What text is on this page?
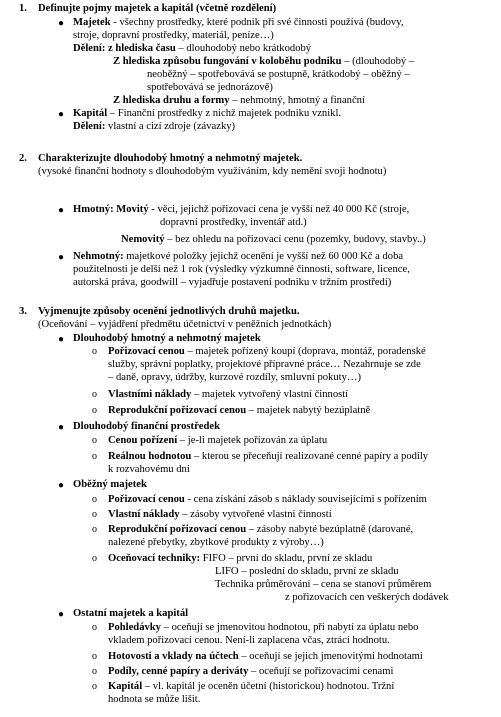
1. Definujte pojmy majetek a kapitál (včetně rozdělení)
● Majetek - všechny prostředky, které podnik při své činnosti používá (budovy,
stroje, dopravní prostředky, materiál, peníze…)
Dělení: z hlediska času – dlouhodobý nebo krátkodobý
Z hlediska způsobu fungování v koloběhu podniku – (dlouhodobý –
neoběžný – spotřebovává se postupně, krátkodobý – oběžný –
spotřebovává se jednorázově)
Z hlediska druhu a formy – nehmotný, hmotný a finanční
● Kapitál – Finanční prostředky z nichž majetek podniku vznikl.
Dělení: vlastní a cizí zdroje (závazky)
2. Charakterizujte dlouhodobý hmotný a nehmotný majetek.
(vysoké finanční hodnoty s dlouhodobým využíváním, kdy nemění svoji hodnotu)
● Hmotný: Movitý - věci, jejichž pořizovací cena je vyšší než 40 000 Kč (stroje,
dopravní prostředky, inventář atd.)
Nemovitý – bez ohledu na pořizovací cenu (pozemky, budovy, stavby..)
● Nehmotný: majetkové položky jejichž ocenění je vyšší než 60 000 Kč a doba
použitelnosti je delší než 1 rok (výsledky výzkumné činnosti, software, licence,
autorská práva, goodwill – vyjadřuje postavení podniku v tržním prostředí)
3. Vyjmenujte způsoby ocenění jednotlivých druhů majetku.
(Oceňování – vyjádření předmětu účetnictví v peněžních jednotkách)
● Dlouhodobý hmotný a nehmotný majetek
o Pořizovací cenou – majetek pořízený koupí (doprava, montáž, poradenské
služby, správní poplatky, projektové přípravné práce… Nezahrnuje se zde
– daně, opravy, údržby, kurzové rozdíly, smluvní pokuty…)
o Vlastními náklady – majetek vytvořený vlastní činností
o Reprodukční pořizovací cenou – majetek nabytý bezúplatně
● Dlouhodobý finanční prostředek
o Cenou pořízení – je-li majetek pořízován za úplatu
o Reálnou hodnotou – kterou se přeceňují realizované cenné papíry a podíly
k rozvahovému dni
● Oběžný majetek
o Pořizovací cenou - cena získání zásob s náklady souvisejícími s pořízením
o Vlastní náklady – zásoby vytvořené vlastní činností
o Reprodukční pořizovací cenou – zásoby nabyté bezúplatně (darované,
nalezené přebytky, zbytkové produkty z výroby…)
o Oceňovací techniky: FIFO – první do skladu, první ze skladu
LIFO – poslední do skladu, první ze skladu
Technika průměrování – cena se stanoví průměrem
z pořizovacích cen veškerých dodávek
● Ostatní majetek a kapitál
o Pohledávky – oceňují se jmenovitou hodnotou, při nabytí za úplatu nebo
vkladem pořizovací cenou. Není-li zaplacena včas, ztrácí hodnotu.
o Hotovosti a vklady na účtech – oceňují se jejich jmenovitými hodnotami
o Podíly, cenné papíry a deriváty – oceňují se pořizovacími cenami
o Kapitál – vl. kapitál je oceněn účetní (historickou) hodnotou. Tržní
hodnota se může lišit.
